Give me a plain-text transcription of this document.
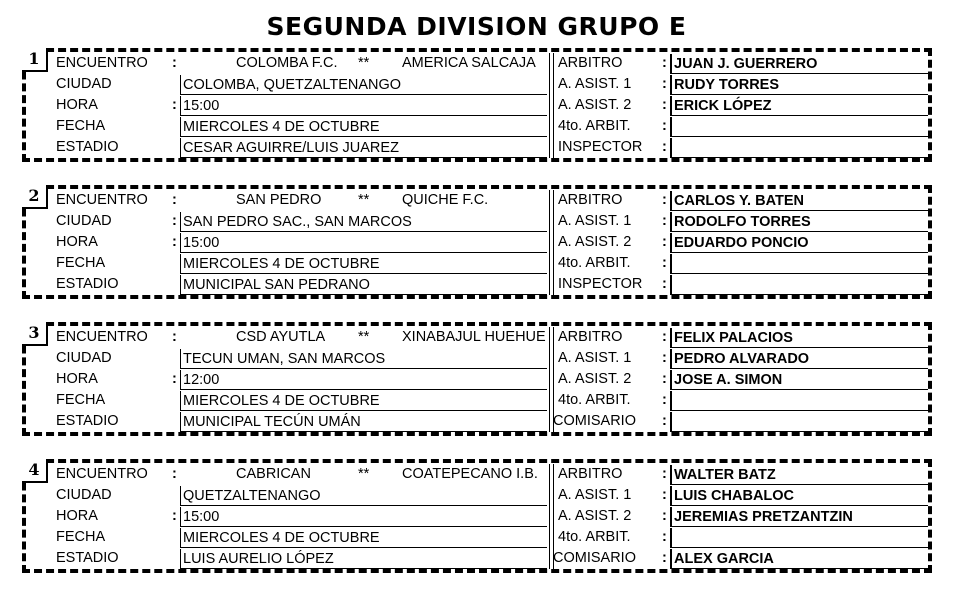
SEGUNDA DIVISION GRUPO E
1	ENCUENTRO :	COLOMBA F.C. ** AMERICA SALCAJA ARBITRO	: JUAN J. GUERRERO
CIUDAD	COLOMBA, QUETZALTENANGO	A. ASIST. 1 : RUDY TORRES
HORA	: 15:00	A. ASIST. 2 : ERICK LÓPEZ
FECHA	MIERCOLES 4 DE OCTUBRE	4to. ARBIT. :
ESTADIO	CESAR AGUIRRE/LUIS JUAREZ	INSPECTOR :
2	ENCUENTRO :	SAN PEDRO	** QUICHE F.C.	ARBITRO	: CARLOS Y. BATEN
CIUDAD	: SAN PEDRO SAC., SAN MARCOS	A. ASIST. 1 : RODOLFO TORRES
HORA	: 15:00	A. ASIST. 2 : EDUARDO PONCIO
FECHA	MIERCOLES 4 DE OCTUBRE	4to. ARBIT. :
ESTADIO	MUNICIPAL SAN PEDRANO	INSPECTOR :
3	ENCUENTRO :	CSD AYUTLA ** XINABAJUL HUEHUE ARBITRO	: FELIX PALACIOS
CIUDAD	TECUN UMAN, SAN MARCOS	A. ASIST. 1 : PEDRO ALVARADO
HORA	: 12:00	A. ASIST. 2 : JOSE A. SIMON
FECHA	MIERCOLES 4 DE OCTUBRE	4to. ARBIT. :
ESTADIO	MUNICIPAL TECÚN UMÁN	COMISARIO :
4	ENCUENTRO :	CABRICAN	** COATEPECANO I.B. ARBITRO	: WALTER BATZ
CIUDAD	QUETZALTENANGO	A. ASIST. 1 : LUIS CHABALOC
HORA	: 15:00	A. ASIST. 2 : JEREMIAS PRETZANTZIN
FECHA	MIERCOLES 4 DE OCTUBRE	4to. ARBIT. :
ESTADIO	LUIS AURELIO LÓPEZ	COMISARIO : ALEX GARCIA
